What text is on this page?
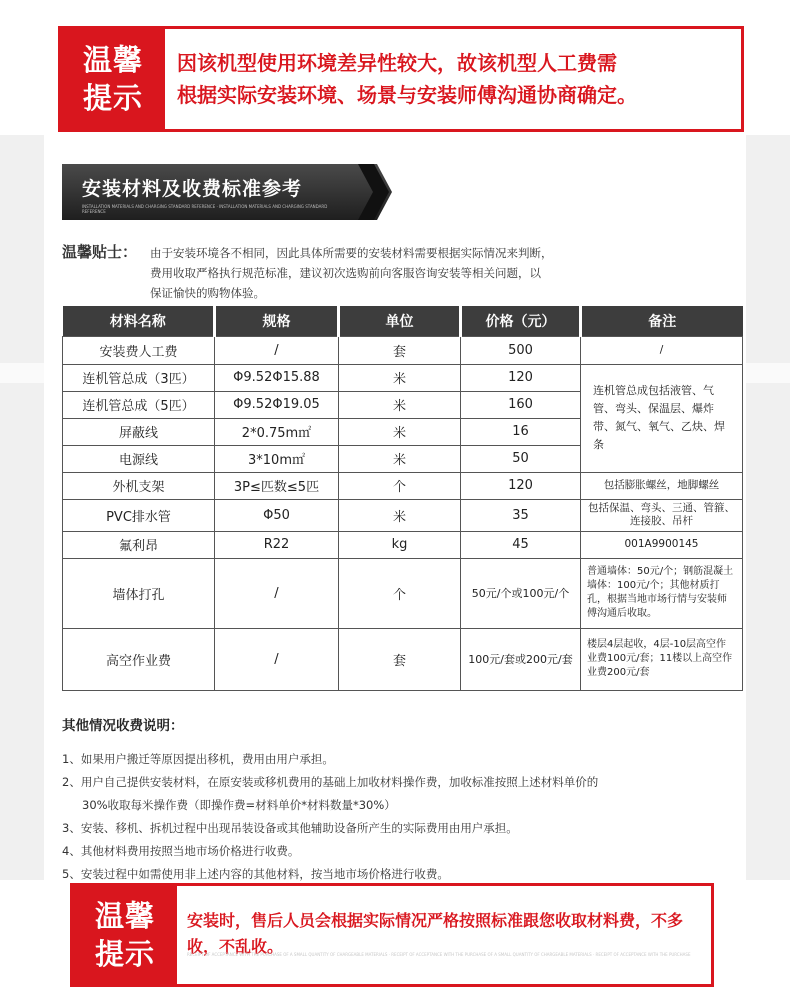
温馨
提示
因该机型使用环境差异性较大，故该机型人工费需
根据实际安装环境、场景与安装师傅沟通协商确定。
安装材料及收费标准参考
INSTALLATION MATERIALS AND CHARGING STANDARD REFERENCE · INSTALLATION MATERIALS AND CHARGING STANDARD REFERENCE
温馨贴士： 由于安装环境各不相同，因此具体所需要的安装材料需要根据实际情况来判断，
费用收取严格执行规范标准，建议初次选购前向客服咨询安装等相关问题，以
保证愉快的购物体验。
材料名称	规格	单位	价格（元）	备注
安装费人工费	/	套	500	/
连机管总成（3匹）	Φ9.52Φ15.88	米	120	连机管总成包括液管、气管、弯头、保温层、爆炸带、氮气、氧气、乙炔、焊条
连机管总成（5匹）	Φ9.52Φ19.05	米	160	
屏蔽线	2*0.75m㎡	米	16	
电源线	3*10m㎡	米	50	
外机支架	3P≤匹数≤5匹	个	120	包括膨胀螺丝，地脚螺丝
PVC排水管	Φ50	米	35	包括保温、弯头、三通、管箍、连接胶、吊杆
氟利昂	R22	kg	45	001A9900145
墙体打孔	/	个	50元/个或100元/个	普通墙体：50元/个；钢筋混凝土墙体：100元/个；其他材质打孔，根据当地市场行情与安装师傅沟通后收取。
高空作业费	/	套	100元/套或200元/套	楼层4层起收，4层-10层高空作业费100元/套；11楼以上高空作业费200元/套
其他情况收费说明：
1、如果用户搬迁等原因提出移机，费用由用户承担。
2、用户自己提供安装材料，在原安装或移机费用的基础上加收材料操作费，加收标准按照上述材料单价的
30%收取每米操作费（即操作费=材料单价*材料数量*30%）
3、安装、移机、拆机过程中出现吊装设备或其他辅助设备所产生的实际费用由用户承担。
4、其他材料费用按照当地市场价格进行收费。
5、安装过程中如需使用非上述内容的其他材料，按当地市场价格进行收费。
温馨
提示
安装时，售后人员会根据实际情况严格按照标准跟您收取材料费，不多
收，不乱收。
RECEIPT OF ACCEPTANCE WITH THE PURCHASE OF A SMALL QUANTITY OF CHARGEABLE MATERIALS · RECEIPT OF ACCEPTANCE WITH THE PURCHASE OF A SMALL QUANTITY OF CHARGEABLE MATERIALS · RECEIPT OF ACCEPTANCE WITH THE PURCHASE
